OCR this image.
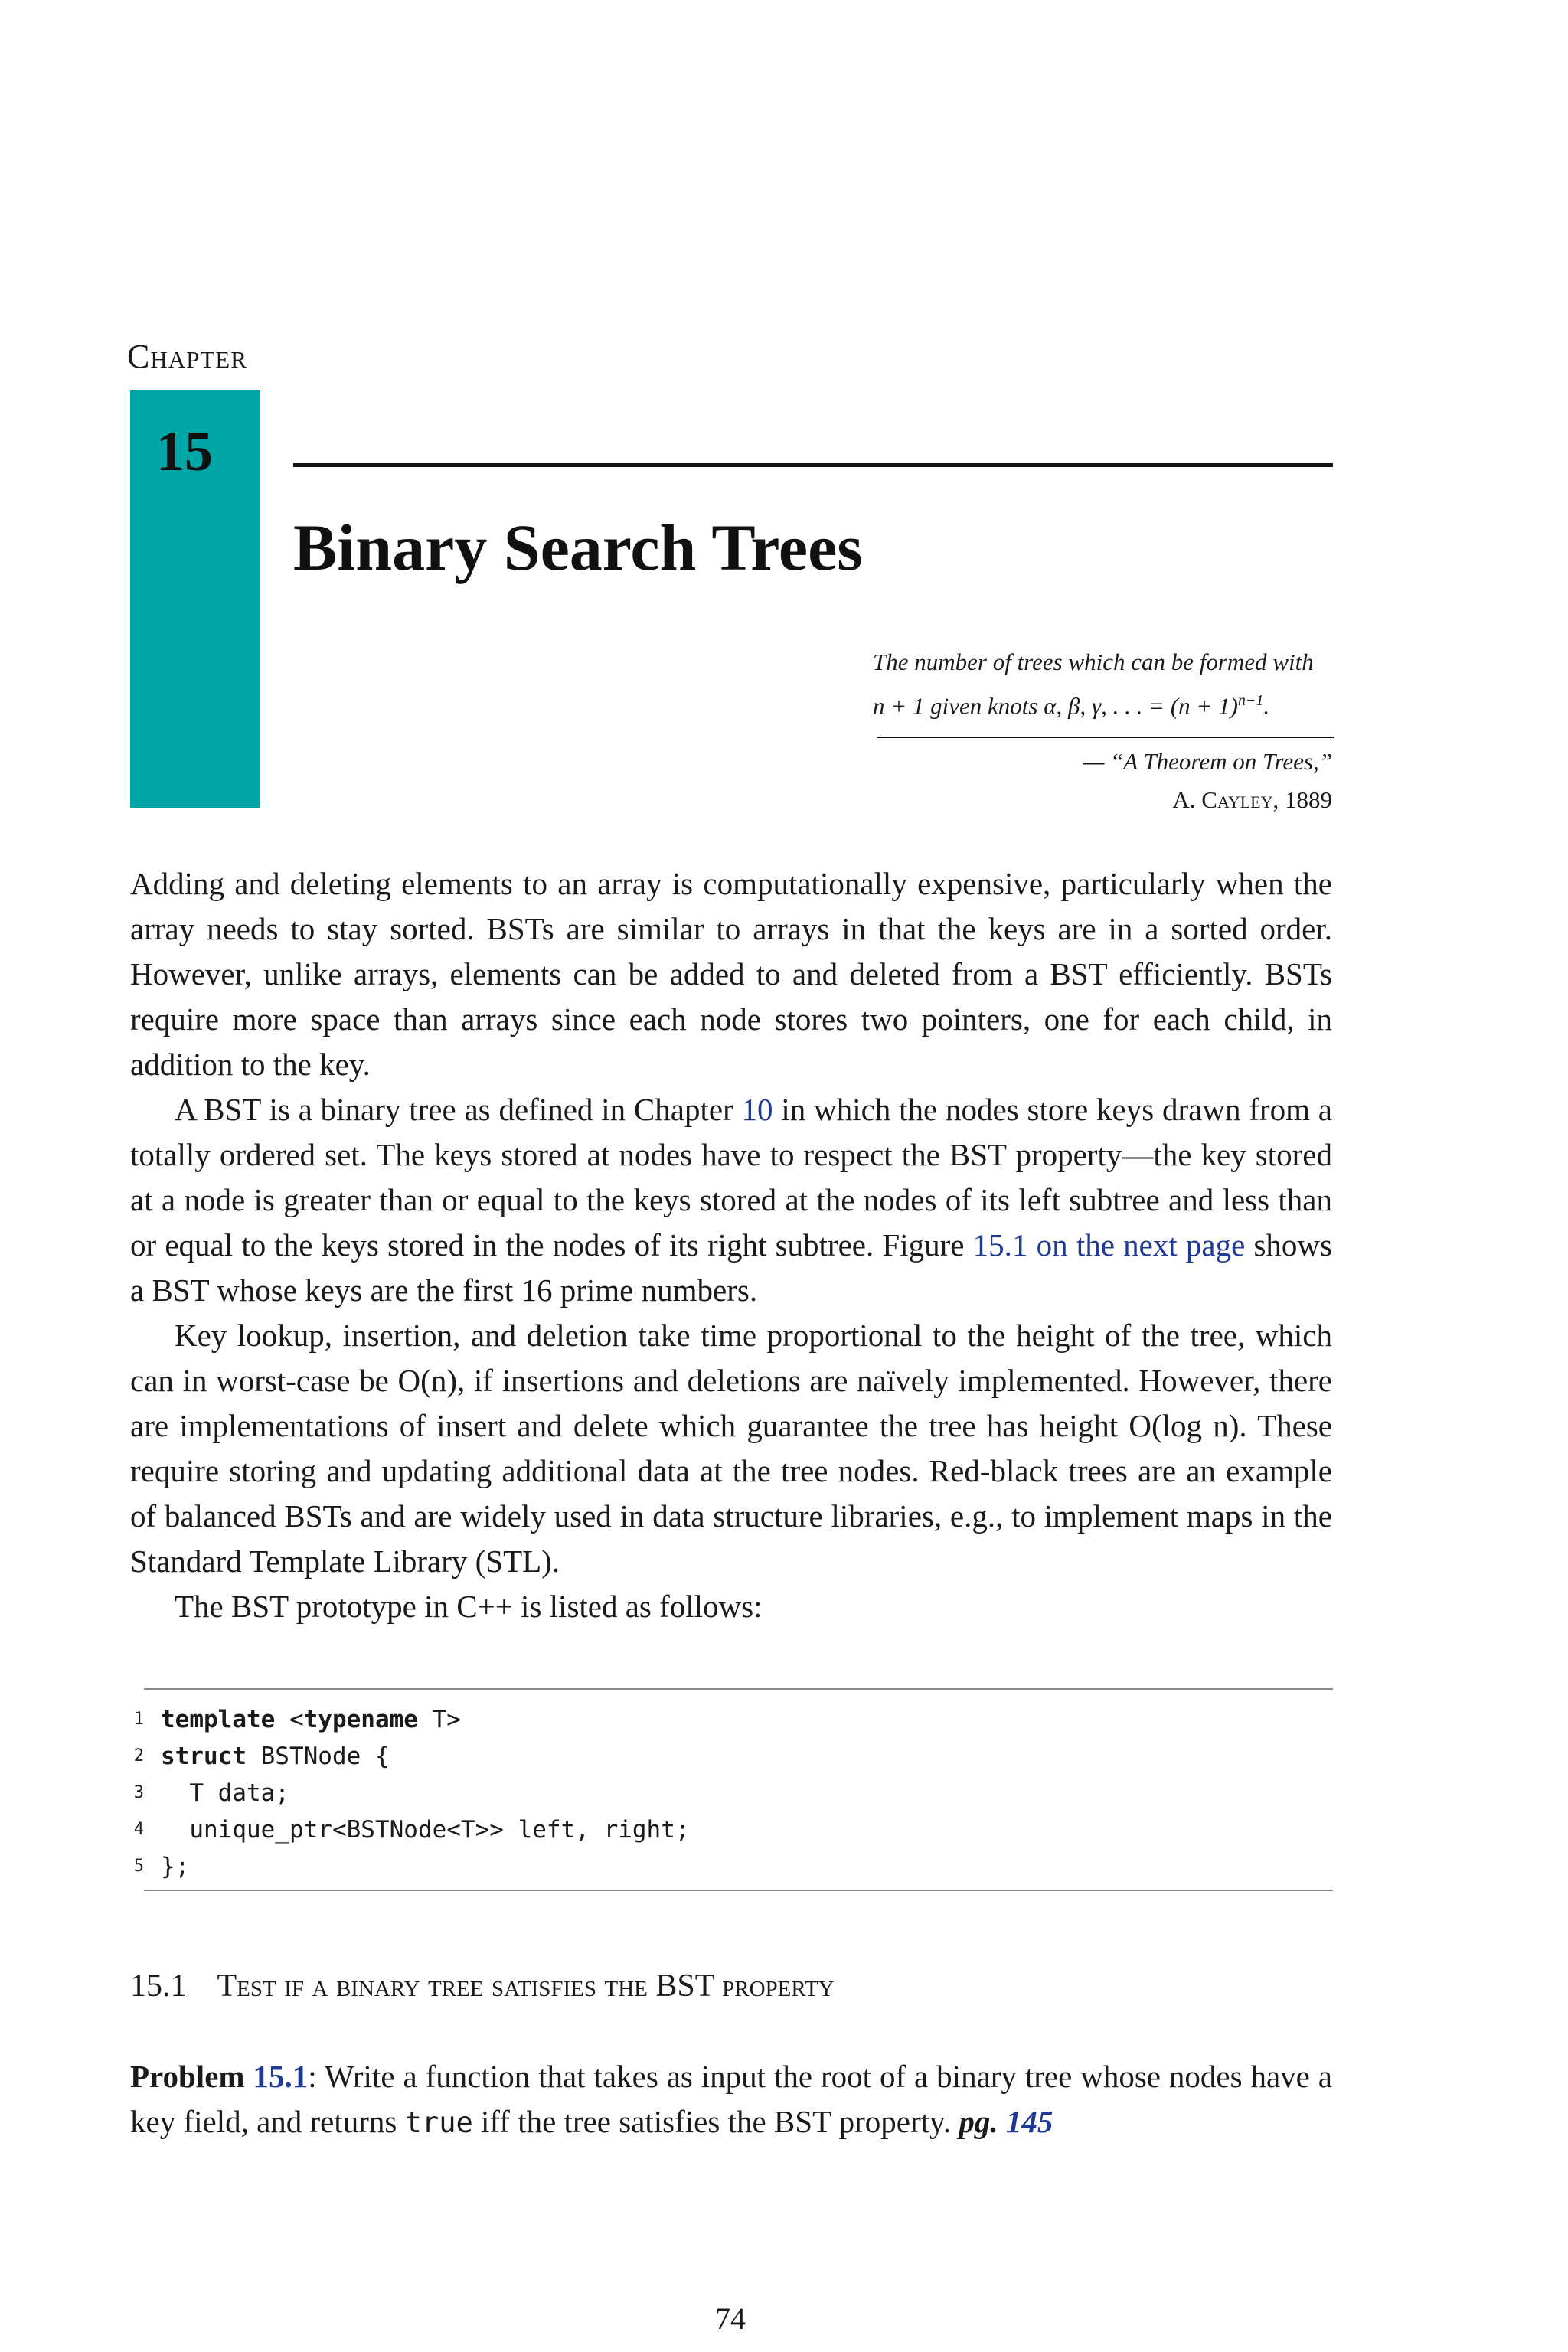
Chapter
15
Binary Search Trees
The number of trees which can be formed with
n + 1 given knots α, β, γ, . . . = $(n + 1)^{n-1}$.
— “A Theorem on Trees,”
A. Cayley, 1889

Adding and deleting elements to an array is computationally expensive, particularly when the array needs to stay sorted. BSTs are similar to arrays in that the keys are in a sorted order. However, unlike arrays, elements can be added to and deleted from a BST efficiently. BSTs require more space than arrays since each node stores two pointers, one for each child, in addition to the key.

A BST is a binary tree as defined in Chapter 10 in which the nodes store keys drawn from a totally ordered set. The keys stored at nodes have to respect the BST property—the key stored at a node is greater than or equal to the keys stored at the nodes of its left subtree and less than or equal to the keys stored in the nodes of its right subtree. Figure 15.1 on the next page shows a BST whose keys are the first 16 prime numbers.

Key lookup, insertion, and deletion take time proportional to the height of the tree, which can in worst-case be O(n), if insertions and deletions are naïvely implemented. However, there are implementations of insert and delete which guarantee the tree has height O(log n). These require storing and updating additional data at the tree nodes. Red-black trees are an example of balanced BSTs and are widely used in data structure libraries, e.g., to implement maps in the Standard Template Library (STL).

The BST prototype in C++ is listed as follows:

1 template <typename T>
2 struct BSTNode {
3 T data;
4 unique_ptr<BSTNode<T>> left, right;
5 };
15.1 Test if a binary tree satisfies the BST property

Problem 15.1: Write a function that takes as input the root of a binary tree whose nodes have a key field, and returns true iff the tree satisfies the BST property. pg. 145

74
